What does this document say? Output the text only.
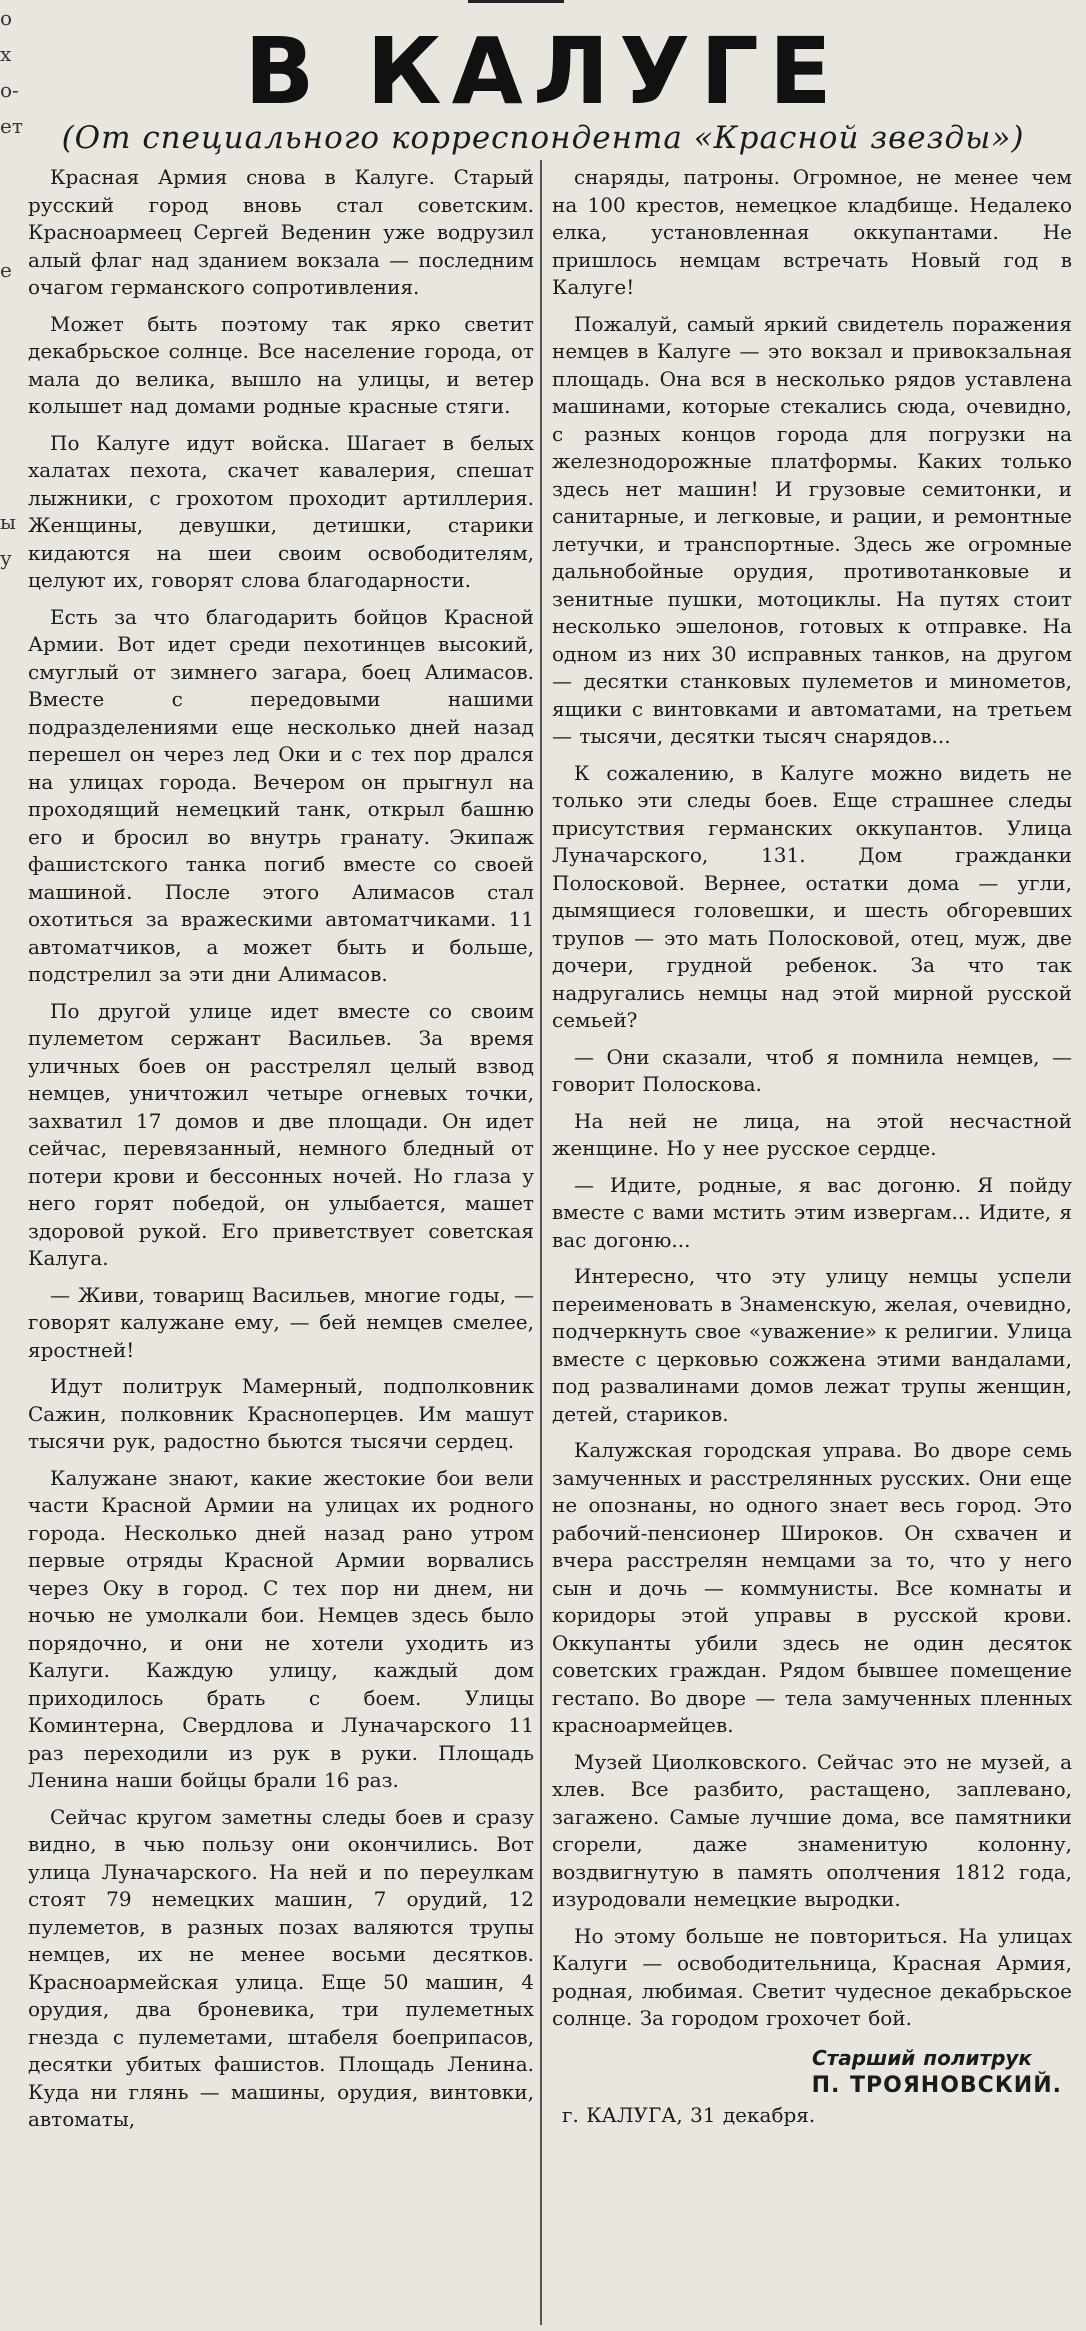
о
х
о-
ет
е
ы
у
В КАЛУГЕ
(От специального корреспондента «Красной звезды»)

Красная Армия снова в Калуге. Старый русский город вновь стал советским. Красноармеец Сергей Веденин уже водрузил алый флаг над зданием вокзала — последним очагом германского сопротивления.

Может быть поэтому так ярко светит декабрьское солнце. Все население города, от мала до велика, вышло на улицы, и ветер колышет над домами родные красные стяги.

По Калуге идут войска. Шагает в белых халатах пехота, скачет кавалерия, спешат лыжники, с грохотом проходит артиллерия. Женщины, девушки, детишки, старики кидаются на шеи своим освободителям, целуют их, говорят слова благодарности.

Есть за что благодарить бойцов Красной Армии. Вот идет среди пехотинцев высокий, смуглый от зимнего загара, боец Алимасов. Вместе с передовыми нашими подразделениями еще несколько дней назад перешел он через лед Оки и с тех пор дрался на улицах города. Вечером он прыгнул на проходящий немецкий танк, открыл башню его и бросил во внутрь гранату. Экипаж фашистского танка погиб вместе со своей машиной. После этого Алимасов стал охотиться за вражескими автоматчиками. 11 автоматчиков, а может быть и больше, подстрелил за эти дни Алимасов.

По другой улице идет вместе со своим пулеметом сержант Васильев. За время уличных боев он расстрелял целый взвод немцев, уничтожил четыре огневых точки, захватил 17 домов и две площади. Он идет сейчас, перевязанный, немного бледный от потери крови и бессонных ночей. Но глаза у него горят победой, он улыбается, машет здоровой рукой. Его приветствует советская Калуга.

— Живи, товарищ Васильев, многие годы, — говорят калужане ему, — бей немцев смелее, яростней!

Идут политрук Мамерный, подполковник Сажин, полковник Красноперцев. Им машут тысячи рук, радостно бьются тысячи сердец.

Калужане знают, какие жестокие бои вели части Красной Армии на улицах их родного города. Несколько дней назад рано утром первые отряды Красной Армии ворвались через Оку в город. С тех пор ни днем, ни ночью не умолкали бои. Немцев здесь было порядочно, и они не хотели уходить из Калуги. Каждую улицу, каждый дом приходилось брать с боем. Улицы Коминтерна, Свердлова и Луначарского 11 раз переходили из рук в руки. Площадь Ленина наши бойцы брали 16 раз.

Сейчас кругом заметны следы боев и сразу видно, в чью пользу они окончились. Вот улица Луначарского. На ней и по переулкам стоят 79 немецких машин, 7 орудий, 12 пулеметов, в разных позах валяются трупы немцев, их не менее восьми десятков. Красноармейская улица. Еще 50 машин, 4 орудия, два броневика, три пулеметных гнезда с пулеметами, штабеля боеприпасов, десятки убитых фашистов. Площадь Ленина. Куда ни глянь — машины, орудия, винтовки, автоматы,

снаряды, патроны. Огромное, не менее чем на 100 крестов, немецкое кладбище. Недалеко елка, установленная оккупантами. Не пришлось немцам встречать Новый год в Калуге!

Пожалуй, самый яркий свидетель поражения немцев в Калуге — это вокзал и привокзальная площадь. Она вся в несколько рядов уставлена машинами, которые стекались сюда, очевидно, с разных концов города для погрузки на железнодорожные платформы. Каких только здесь нет машин! И грузовые семитонки, и санитарные, и легковые, и рации, и ремонтные летучки, и транспортные. Здесь же огромные дальнобойные орудия, противотанковые и зенитные пушки, мотоциклы. На путях стоит несколько эшелонов, готовых к отправке. На одном из них 30 исправных танков, на другом — десятки станковых пулеметов и минометов, ящики с винтовками и автоматами, на третьем — тысячи, десятки тысяч снарядов...

К сожалению, в Калуге можно видеть не только эти следы боев. Еще страшнее следы присутствия германских оккупантов. Улица Луначарского, 131. Дом гражданки Полосковой. Вернее, остатки дома — угли, дымящиеся головешки, и шесть обгоревших трупов — это мать Полосковой, отец, муж, две дочери, грудной ребенок. За что так надругались немцы над этой мирной русской семьей?

— Они сказали, чтоб я помнила немцев, — говорит Полоскова.

На ней не лица, на этой несчастной женщине. Но у нее русское сердце.

— Идите, родные, я вас догоню. Я пойду вместе с вами мстить этим извергам... Идите, я вас догоню...

Интересно, что эту улицу немцы успели переименовать в Знаменскую, желая, очевидно, подчеркнуть свое «уважение» к религии. Улица вместе с церковью сожжена этими вандалами, под развалинами домов лежат трупы женщин, детей, стариков.

Калужская городская управа. Во дворе семь замученных и расстрелянных русских. Они еще не опознаны, но одного знает весь город. Это рабочий-пенсионер Широков. Он схвачен и вчера расстрелян немцами за то, что у него сын и дочь — коммунисты. Все комнаты и коридоры этой управы в русской крови. Оккупанты убили здесь не один десяток советских граждан. Рядом бывшее помещение гестапо. Во дворе — тела замученных пленных красноармейцев.

Музей Циолковского. Сейчас это не музей, а хлев. Все разбито, растащено, заплевано, загажено. Самые лучшие дома, все памятники сгорели, даже знаменитую колонну, воздвигнутую в память ополчения 1812 года, изуродовали немецкие выродки.

Но этому больше не повториться. На улицах Калуги — освободительница, Красная Армия, родная, любимая. Светит чудесное декабрьское солнце. За городом грохочет бой.

Старший политрук
П. ТРОЯНОВСКИЙ.
г. КАЛУГА, 31 декабря.
